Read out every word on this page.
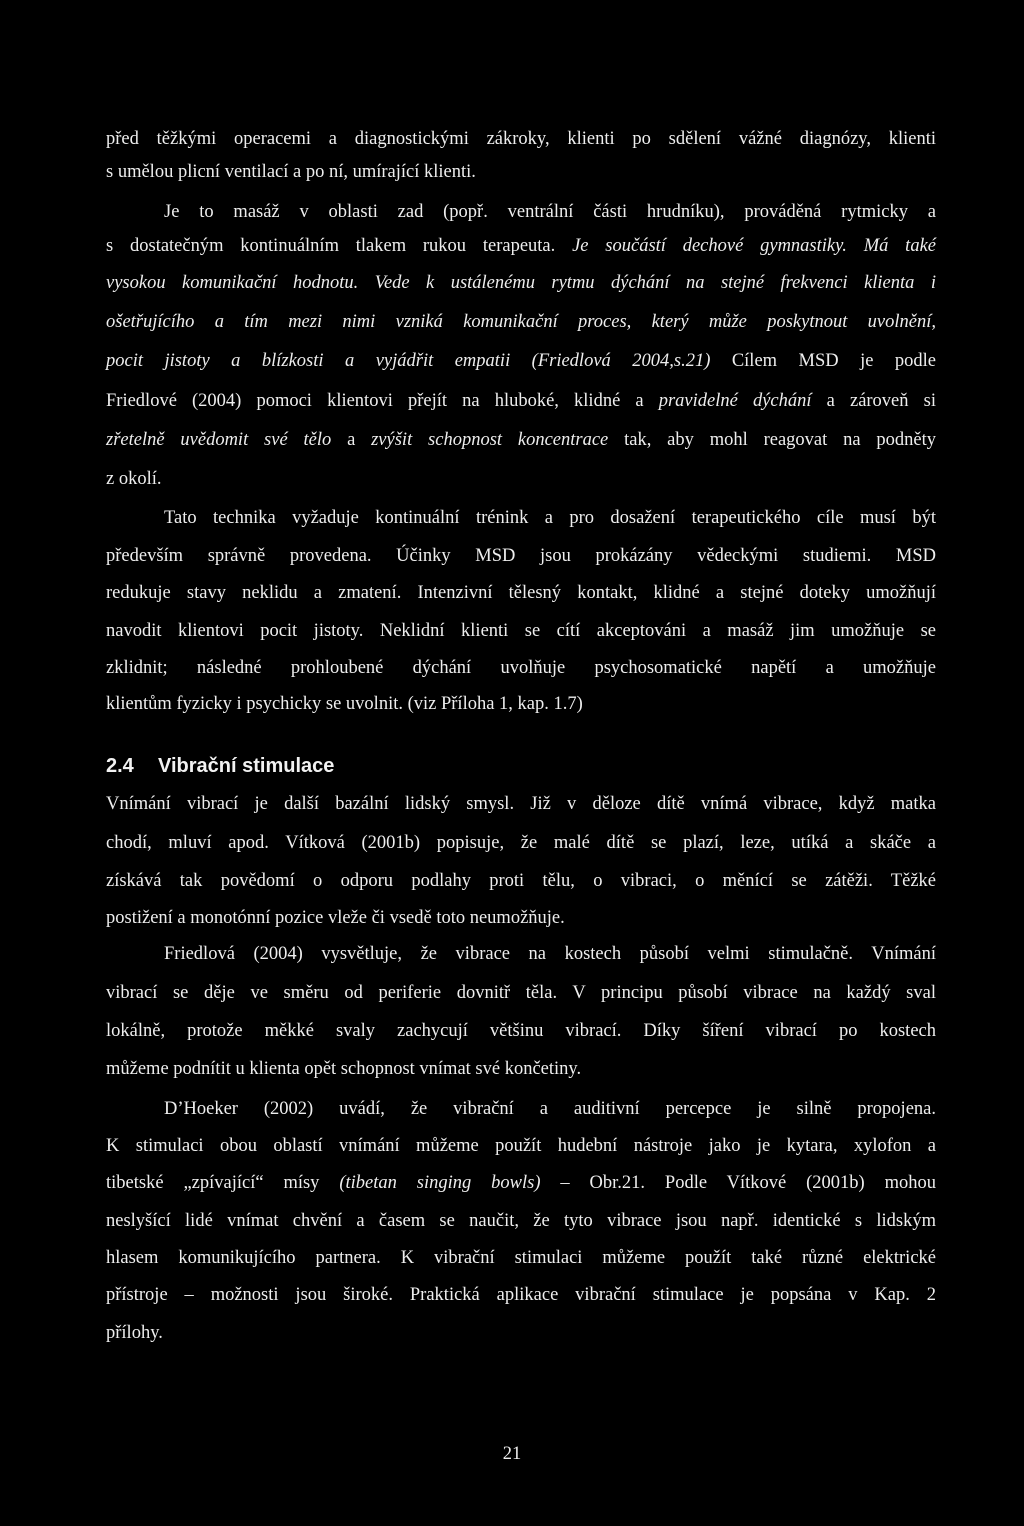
před těžkými operacemi a diagnostickými zákroky, klienti po sdělení vážné diagnózy, klienti
s umělou plicní ventilací a po ní, umírající klienti.
Je to masáž v oblasti zad (popř. ventrální části hrudníku), prováděná rytmicky a
s dostatečným kontinuálním tlakem rukou terapeuta. Je součástí dechové gymnastiky. Má také
vysokou komunikační hodnotu. Vede k ustálenému rytmu dýchání na stejné frekvenci klienta i
ošetřujícího a tím mezi nimi vzniká komunikační proces, který může poskytnout uvolnění,
pocit jistoty a blízkosti a vyjádřit empatii (Friedlová 2004,s.21) Cílem MSD je podle
Friedlové (2004) pomoci klientovi přejít na hluboké, klidné a pravidelné dýchání a zároveň si
zřetelně uvědomit své tělo a zvýšit schopnost koncentrace tak, aby mohl reagovat na podněty
z okolí.
Tato technika vyžaduje kontinuální trénink a pro dosažení terapeutického cíle musí být
především správně provedena. Účinky MSD jsou prokázány vědeckými studiemi. MSD
redukuje stavy neklidu a zmatení. Intenzivní tělesný kontakt, klidné a stejné doteky umožňují
navodit klientovi pocit jistoty. Neklidní klienti se cítí akceptováni a masáž jim umožňuje se
zklidnit; následné prohloubené dýchání uvolňuje psychosomatické napětí a umožňuje
klientům fyzicky i psychicky se uvolnit. (viz Příloha 1, kap. 1.7)
2.4 Vibrační stimulace
Vnímání vibrací je další bazální lidský smysl. Již v děloze dítě vnímá vibrace, když matka
chodí, mluví apod. Vítková (2001b) popisuje, že malé dítě se plazí, leze, utíká a skáče a
získává tak povědomí o odporu podlahy proti tělu, o vibraci, o měnící se zátěži. Těžké
postižení a monotónní pozice vleže či vsedě toto neumožňuje.
Friedlová (2004) vysvětluje, že vibrace na kostech působí velmi stimulačně. Vnímání
vibrací se děje ve směru od periferie dovnitř těla. V principu působí vibrace na každý sval
lokálně, protože měkké svaly zachycují většinu vibrací. Díky šíření vibrací po kostech
můžeme podnítit u klienta opět schopnost vnímat své končetiny.
D’Hoeker (2002) uvádí, že vibrační a auditivní percepce je silně propojena.
K stimulaci obou oblastí vnímání můžeme použít hudební nástroje jako je kytara, xylofon a
tibetské „zpívající“ mísy (tibetan singing bowls) – Obr.21. Podle Vítkové (2001b) mohou
neslyšící lidé vnímat chvění a časem se naučit, že tyto vibrace jsou např. identické s lidským
hlasem komunikujícího partnera. K vibrační stimulaci můžeme použít také různé elektrické
přístroje – možnosti jsou široké. Praktická aplikace vibrační stimulace je popsána v Kap. 2
přílohy.
21
